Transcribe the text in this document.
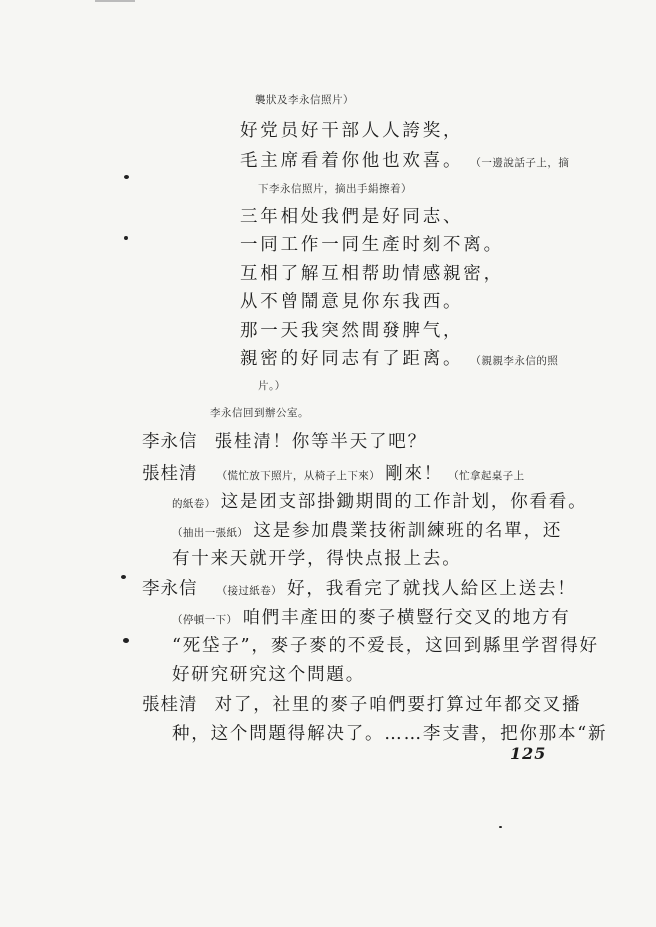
襲狀及李永信照片）
好党员好干部人人誇奖，
毛主席看着你他也欢喜。 （一邊說話子上，摘
下李永信照片，摘出手絹擦着）
三年相处我們是好同志、
一同工作一同生產时刻不离。
互相了解互相帮助情感親密，
从不曾鬧意見你东我西。
那一天我突然間發脾气，
親密的好同志有了距离。 （親親李永信的照
片。）
李永信回到辦公室。
李永信 張桂清！你等半天了吧？
張桂清 （慌忙放下照片，从椅子上下來） 剛來！ （忙拿起桌子上
的紙卷） 这是团支部掛鋤期間的工作計划，你看看。
（抽出一張紙） 这是参加農業技術訓練班的名單，还
有十来天就开学，得快点报上去。
李永信 （接过紙卷） 好，我看完了就找人給区上送去！
（停頓一下） 咱們丰產田的麥子横豎行交叉的地方有
“死垈子”，麥子麥的不爱長，这回到縣里学習得好
好研究研究这个問題。
張桂清 对了，社里的麥子咱們要打算过年都交叉播
种，这个問題得解决了。……李支書，把你那本“新
125
